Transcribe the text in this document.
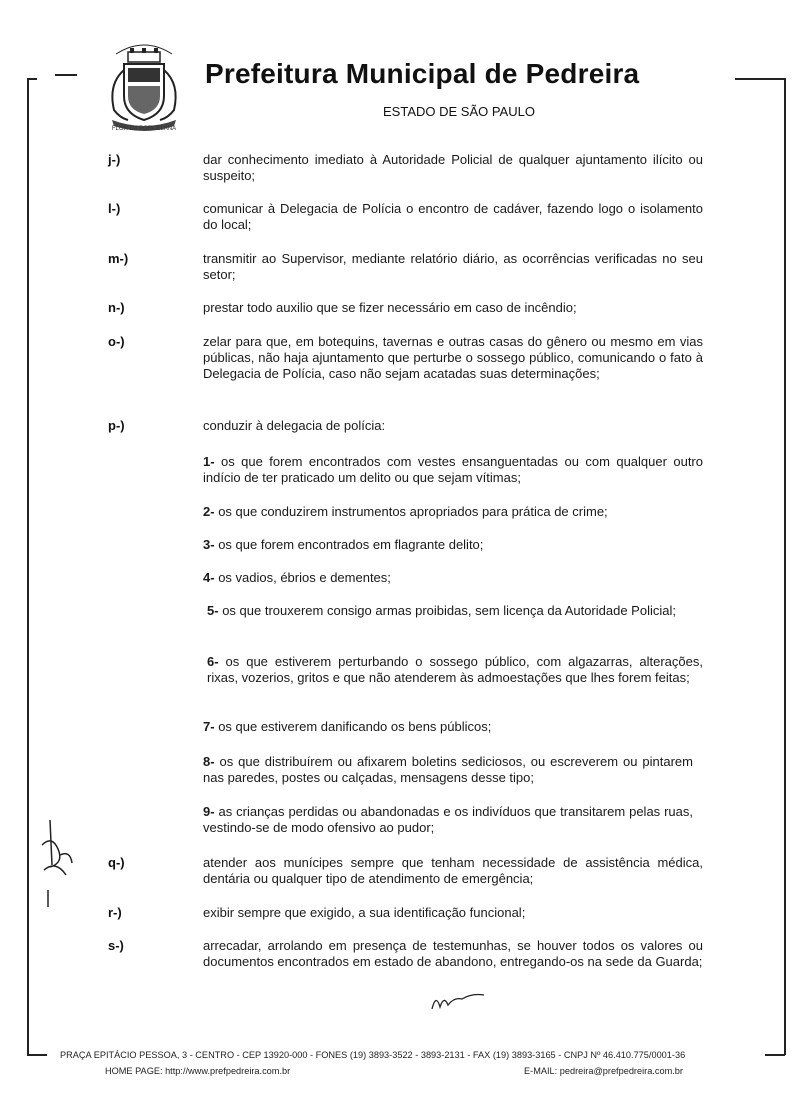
FLOR DA PORCELANA
Prefeitura Municipal de Pedreira
ESTADO DE SÃO PAULO
j-)	dar conhecimento imediato à Autoridade Policial de qualquer ajuntamento ilícito ou suspeito;
l-)	comunicar à Delegacia de Polícia o encontro de cadáver, fazendo logo o isolamento do local;
m-)	transmitir ao Supervisor, mediante relatório diário, as ocorrências verificadas no seu setor;
n-)	prestar todo auxilio que se fizer necessário em caso de incêndio;
o-)	zelar para que, em botequins, tavernas e outras casas do gênero ou mesmo em vias públicas, não haja ajuntamento que perturbe o sossego público, comunicando o fato à Delegacia de Polícia, caso não sejam acatadas suas determinações;
p-)	conduzir à delegacia de polícia:
1- os que forem encontrados com vestes ensanguentadas ou com qualquer outro indício de ter praticado um delito ou que sejam vítimas;
2- os que conduzirem instrumentos apropriados para prática de crime;
3- os que forem encontrados em flagrante delito;
4- os vadios, ébrios e dementes;
5- os que trouxerem consigo armas proibidas, sem licença da Autoridade Policial;
6- os que estiverem perturbando o sossego público, com algazarras, alterações, rixas, vozerios, gritos e que não atenderem às admoestações que lhes forem feitas;
7- os que estiverem danificando os bens públicos;
8- os que distribuírem ou afixarem boletins sediciosos, ou escreverem ou pintarem nas paredes, postes ou calçadas, mensagens desse tipo;
9- as crianças perdidas ou abandonadas e os indivíduos que transitarem pelas ruas, vestindo-se de modo ofensivo ao pudor;
q-)	atender aos munícipes sempre que tenham necessidade de assistência médica, dentária ou qualquer tipo de atendimento de emergência;
r-)	exibir sempre que exigido, a sua identificação funcional;
s-)	arrecadar, arrolando em presença de testemunhas, se houver todos os valores ou documentos encontrados em estado de abandono, entregando-os na sede da Guarda;
PRAÇA EPITÁCIO PESSOA, 3 - CENTRO - CEP 13920-000 - FONES (19) 3893-3522 - 3893-2131 - FAX (19) 3893-3165 - CNPJ Nº 46.410.775/0001-36
HOME PAGE: http://www.prefpedreira.com.br	E-MAIL: pedreira@prefpedreira.com.br
